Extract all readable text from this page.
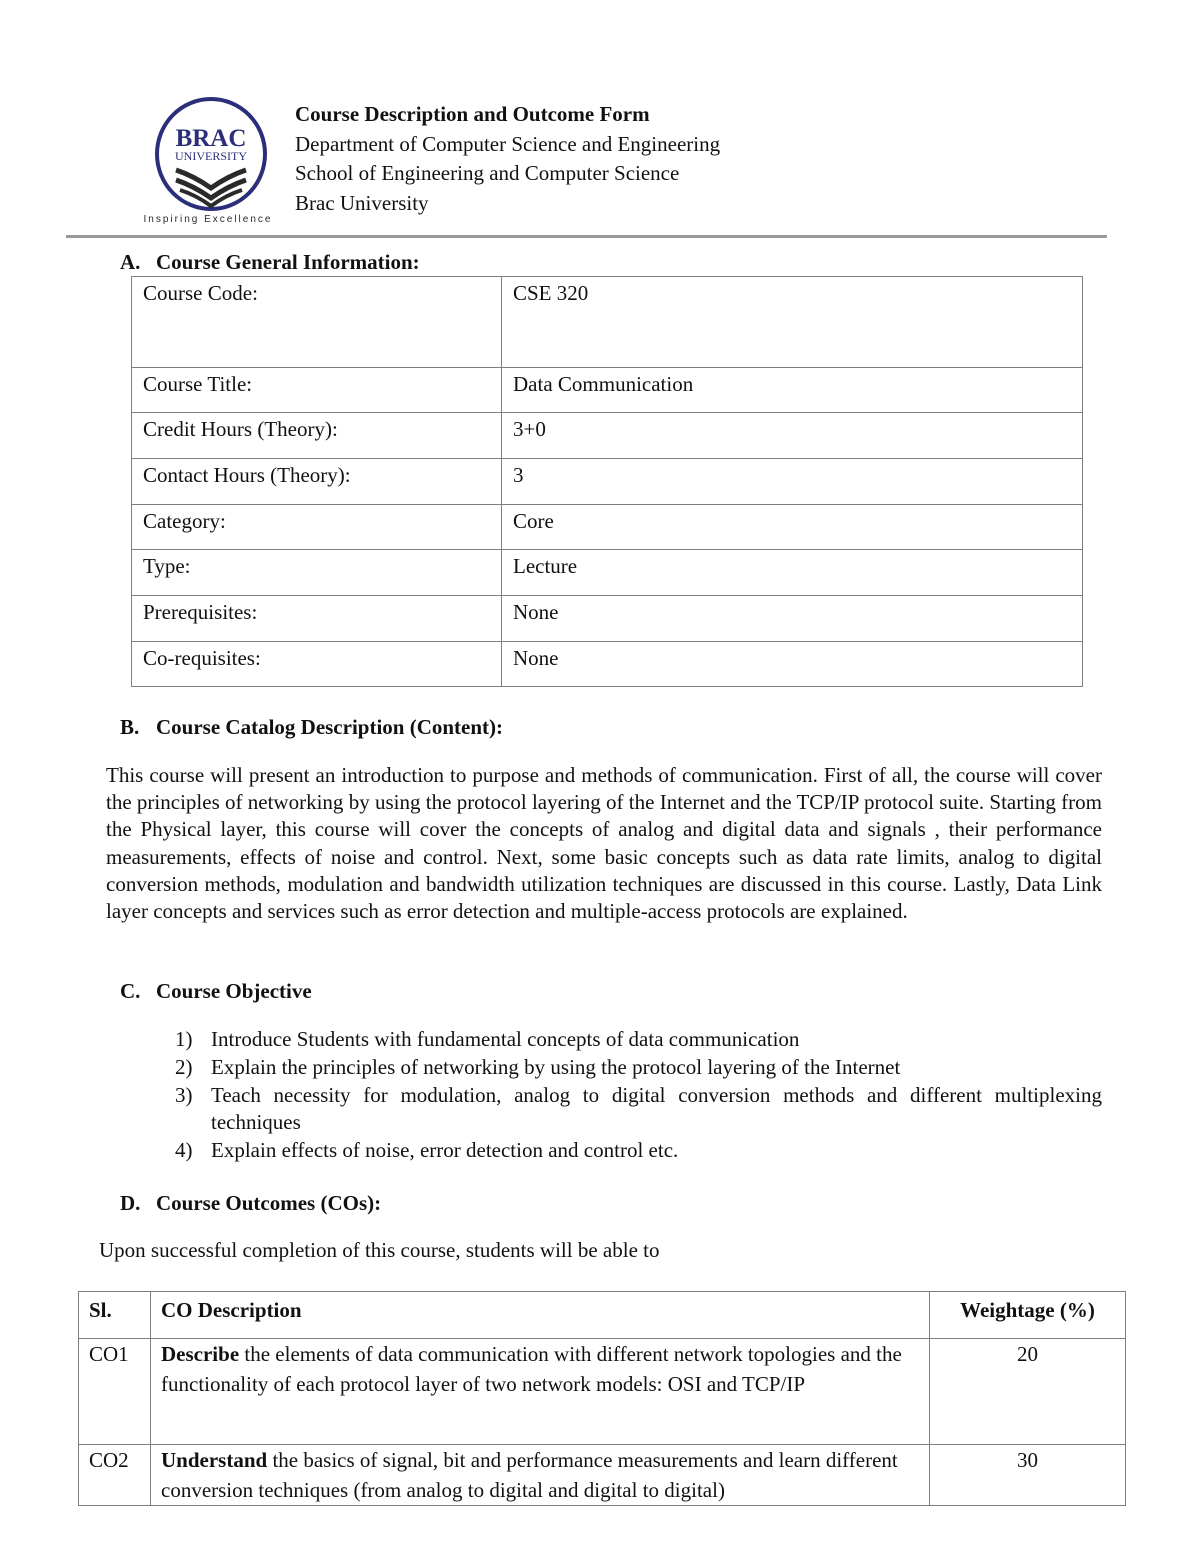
BRAC
UNIVERSITY
Inspiring Excellence
Course Description and Outcome Form
Department of Computer Science and Engineering
School of Engineering and Computer Science
Brac University
A. Course General Information:
Course Code:	CSE 320
Course Title:	Data Communication
Credit Hours (Theory):	3+0
Contact Hours (Theory):	3
Category:	Core
Type:	Lecture
Prerequisites:	None
Co-requisites:	None
B. Course Catalog Description (Content):
This course will present an introduction to purpose and methods of communication. First of all, the course will cover the principles of networking by using the protocol layering of the Internet and the TCP/IP protocol suite. Starting from the Physical layer, this course will cover the concepts of analog and digital data and signals , their performance measurements, effects of noise and control. Next, some basic concepts such as data rate limits, analog to digital conversion methods, modulation and bandwidth utilization techniques are discussed in this course. Lastly, Data Link layer concepts and services such as error detection and multiple-access protocols are explained.
C. Course Objective
1) Introduce Students with fundamental concepts of data communication
2) Explain the principles of networking by using the protocol layering of the Internet
3) Teach necessity for modulation, analog to digital conversion methods and different multiplexing techniques
4) Explain effects of noise, error detection and control etc.
D. Course Outcomes (COs):
Upon successful completion of this course, students will be able to
Sl.	CO Description	Weightage (%)
CO1	Describe the elements of data communication with different network topologies and the functionality of each protocol layer of two network models: OSI and TCP/IP	20
CO2	Understand the basics of signal, bit and performance measurements and learn different conversion techniques (from analog to digital and digital to digital)	30
